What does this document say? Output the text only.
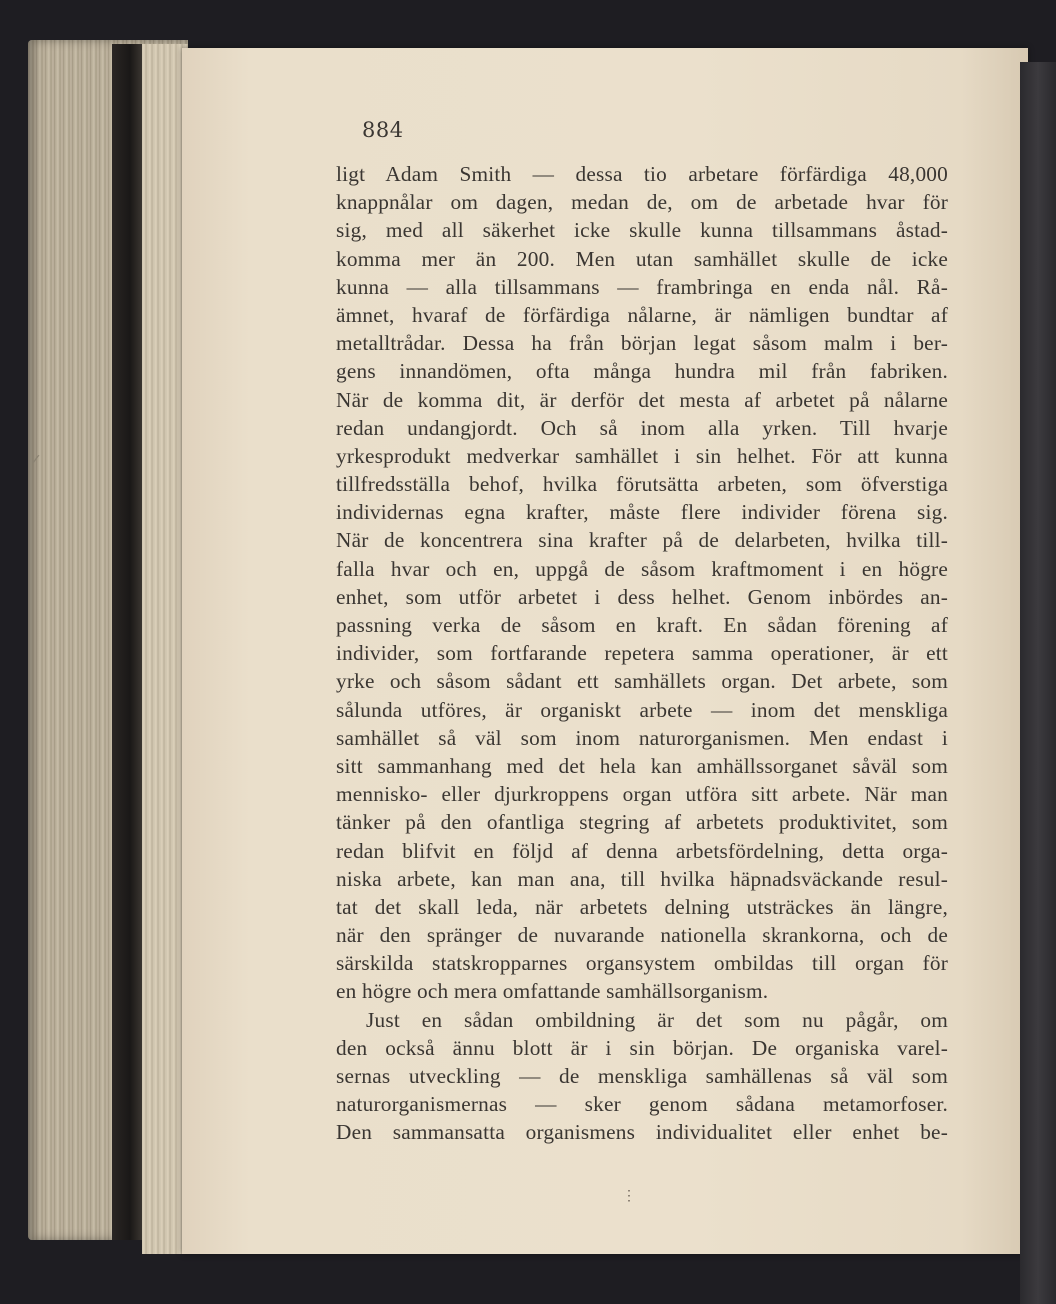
884
ligt Adam Smith — dessa tio arbetare förfärdiga 48,000
knappnålar om dagen, medan de, om de arbetade hvar för
sig, med all säkerhet icke skulle kunna tillsammans åstad-
komma mer än 200. Men utan samhället skulle de icke
kunna — alla tillsammans — frambringa en enda nål. Rå-
ämnet, hvaraf de förfärdiga nålarne, är nämligen bundtar af
metalltrådar. Dessa ha från början legat såsom malm i ber-
gens innandömen, ofta många hundra mil från fabriken.
När de komma dit, är derför det mesta af arbetet på nålarne
redan undangjordt. Och så inom alla yrken. Till hvarje
yrkesprodukt medverkar samhället i sin helhet. För att kunna
tillfredsställa behof, hvilka förutsätta arbeten, som öfverstiga
individernas egna krafter, måste flere individer förena sig.
När de koncentrera sina krafter på de delarbeten, hvilka till-
falla hvar och en, uppgå de såsom kraftmoment i en högre
enhet, som utför arbetet i dess helhet. Genom inbördes an-
passning verka de såsom en kraft. En sådan förening af
individer, som fortfarande repetera samma operationer, är ett
yrke och såsom sådant ett samhällets organ. Det arbete, som
sålunda utföres, är organiskt arbete — inom det menskliga
samhället så väl som inom naturorganismen. Men endast i
sitt sammanhang med det hela kan amhällssorganet såväl som
mennisko- eller djurkroppens organ utföra sitt arbete. När man
tänker på den ofantliga stegring af arbetets produktivitet, som
redan blifvit en följd af denna arbetsfördelning, detta orga-
niska arbete, kan man ana, till hvilka häpnadsväckande resul-
tat det skall leda, när arbetets delning utsträckes än längre,
när den spränger de nuvarande nationella skrankorna, och de
särskilda statskropparnes organsystem ombildas till organ för
en högre och mera omfattande samhällsorganism.
Just en sådan ombildning är det som nu pågår, om
den också ännu blott är i sin början. De organiska varel-
sernas utveckling — de menskliga samhällenas så väl som
naturorganismernas — sker genom sådana metamorfoser.
Den sammansatta organismens individualitet eller enhet be-
⋮
✓
